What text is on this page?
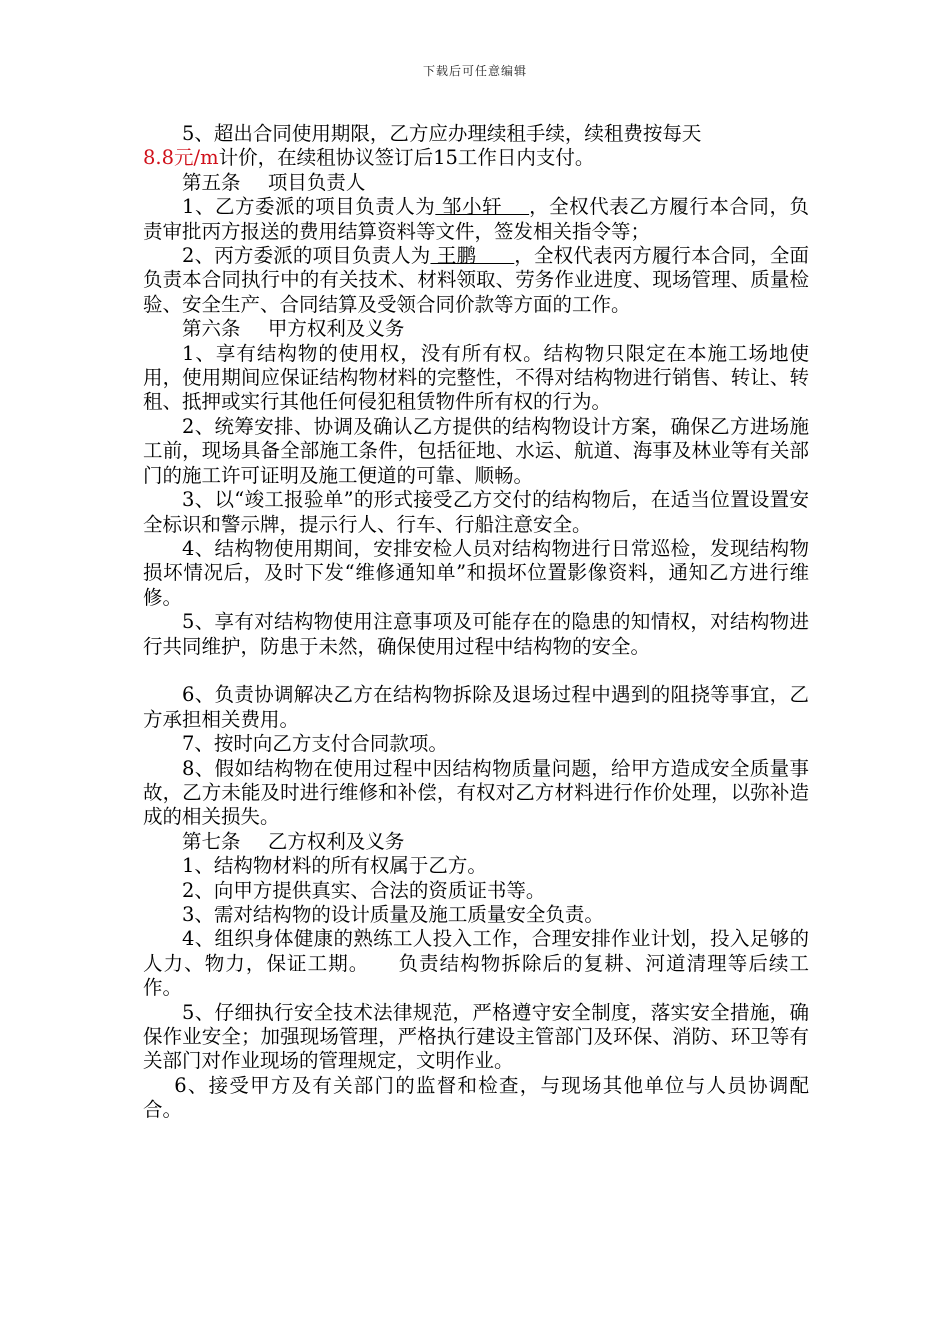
下载后可任意编辑

5、超出合同使用期限，乙方应办理续租手续，续租费按每天
8.8元/m计价，在续租协议签订后15工作日内支付。

第五条 项目负责人

1、乙方委派的项目负责人为 邹小轩    ，全权代表乙方履行本合同，负责审批丙方报送的费用结算资料等文件，签发相关指令等；

2、丙方委派的项目负责人为 王鹏      ，全权代表丙方履行本合同，全面负责本合同执行中的有关技术、材料领取、劳务作业进度、现场管理、质量检验、安全生产、合同结算及受领合同价款等方面的工作。

第六条 甲方权利及义务

1、享有结构物的使用权，没有所有权。结构物只限定在本施工场地使用，使用期间应保证结构物材料的完整性，不得对结构物进行销售、转让、转租、抵押或实行其他任何侵犯租赁物件所有权的行为。

2、统筹安排、协调及确认乙方提供的结构物设计方案，确保乙方进场施工前，现场具备全部施工条件，包括征地、水运、航道、海事及林业等有关部门的施工许可证明及施工便道的可靠、顺畅。

3、以“竣工报验单”的形式接受乙方交付的结构物后，在适当位置设置安全标识和警示牌，提示行人、行车、行船注意安全。

4、结构物使用期间，安排安检人员对结构物进行日常巡检，发现结构物损坏情况后，及时下发“维修通知单”和损坏位置影像资料，通知乙方进行维修。

5、享有对结构物使用注意事项及可能存在的隐患的知情权，对结构物进行共同维护，防患于未然，确保使用过程中结构物的安全。

6、负责协调解决乙方在结构物拆除及退场过程中遇到的阻挠等事宜，乙方承担相关费用。

7、按时向乙方支付合同款项。

8、假如结构物在使用过程中因结构物质量问题，给甲方造成安全质量事故，乙方未能及时进行维修和补偿，有权对乙方材料进行作价处理，以弥补造成的相关损失。

第七条 乙方权利及义务

1、结构物材料的所有权属于乙方。

2、向甲方提供真实、合法的资质证书等。

3、需对结构物的设计质量及施工质量安全负责。

4、组织身体健康的熟练工人投入工作，合理安排作业计划，投入足够的人力、物力，保证工期。    负责结构物拆除后的复耕、河道清理等后续工作。

5、仔细执行安全技术法律规范，严格遵守安全制度，落实安全措施，确保作业安全；加强现场管理，严格执行建设主管部门及环保、消防、环卫等有关部门对作业现场的管理规定，文明作业。

6、接受甲方及有关部门的监督和检查，与现场其他单位与人员协调配合。
